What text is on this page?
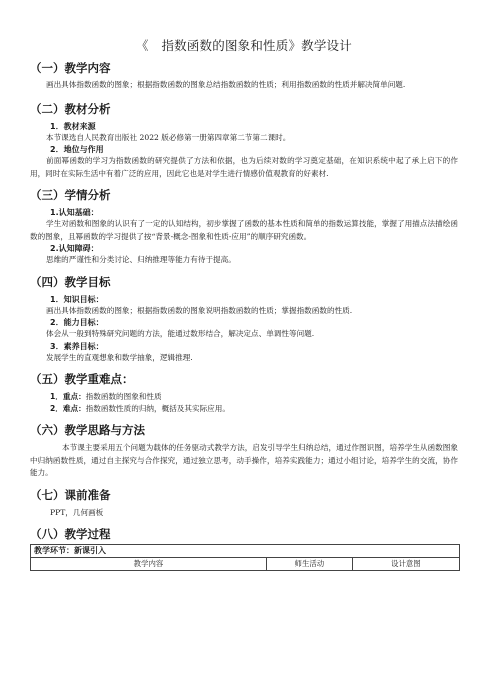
《　指数函数的图象和性质》教学设计

（一）教学内容

画出具体指数函数的图象；根据指数函数的图象总结指数函数的性质；利用指数函数的性质并解决简单问题.

（二）教材分析

1．教材来源

本节课选自人民教育出版社 2022 版必修第一册第四章第二节第二课时。

2．地位与作用

前面幂函数的学习为指数函数的研究提供了方法和依据，也为后续对数的学习奠定基础，在知识系统中起了承上启下的作用，同时在实际生活中有着广泛的应用，因此它也是对学生进行情感价值观教育的好素材.

（三）学情分析

1.认知基础：

学生对函数和图象的认识有了一定的认知结构，初步掌握了函数的基本性质和简单的指数运算技能，掌握了用描点法描绘函数的图象，且幂函数的学习提供了按“背景-概念-图象和性质-应用”的顺序研究函数。

2.认知障碍：

思维的严谨性和分类讨论、归纳推理等能力有待于提高。

（四）教学目标

1．知识目标：

画出具体指数函数的图象；根据指数函数的图象说明指数函数的性质；掌握指数函数的性质.

2．能力目标：

体会从一般到特殊研究问题的方法，能通过数形结合，解决定点、单调性等问题.

3．素养目标：

发展学生的直观想象和数学抽象，逻辑推理.

（五）教学重难点：

1．重点：指数函数的图象和性质

2．难点：指数函数性质的归纳，概括及其实际应用。

（六）教学思路与方法

本节课主要采用五个问题为载体的任务驱动式教学方法，启发引导学生归纳总结，通过作图识图，培养学生从函数图象中归纳函数性质，通过自主探究与合作探究，通过独立思考，动手操作，培养实践能力；通过小组讨论，培养学生的交流，协作能力。

（七）课前准备

PPT，几何画板

（八）教学过程

教学环节：新课引入
教学内容	师生活动	设计意图
